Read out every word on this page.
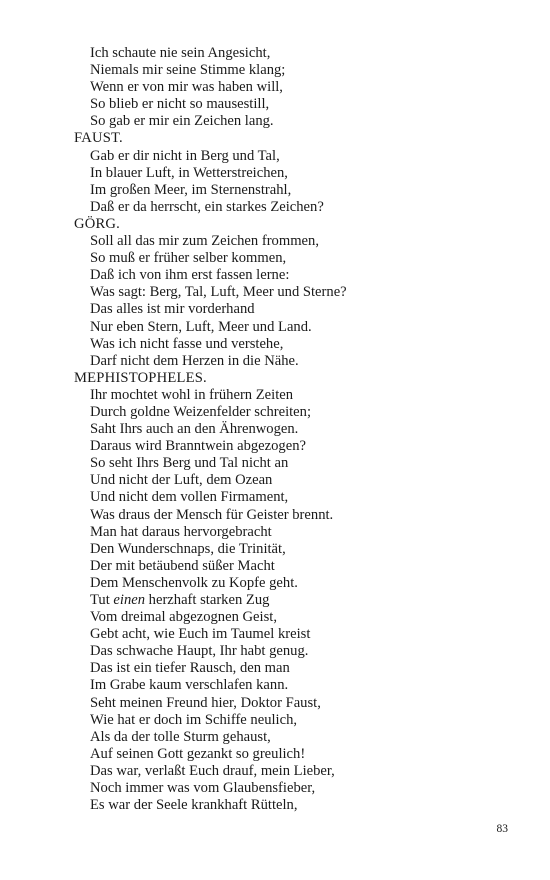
Ich schaute nie sein Angesicht,
Niemals mir seine Stimme klang;
Wenn er von mir was haben will,
So blieb er nicht so mausestill,
So gab er mir ein Zeichen lang.
FAUST.
Gab er dir nicht in Berg und Tal,
In blauer Luft, in Wetterstreichen,
Im großen Meer, im Sternenstrahl,
Daß er da herrscht, ein starkes Zeichen?
GÖRG.
Soll all das mir zum Zeichen frommen,
So muß er früher selber kommen,
Daß ich von ihm erst fassen lerne:
Was sagt: Berg, Tal, Luft, Meer und Sterne?
Das alles ist mir vorderhand
Nur eben Stern, Luft, Meer und Land.
Was ich nicht fasse und verstehe,
Darf nicht dem Herzen in die Nähe.
MEPHISTOPHELES.
Ihr mochtet wohl in frühern Zeiten
Durch goldne Weizenfelder schreiten;
Saht Ihrs auch an den Ährenwogen.
Daraus wird Branntwein abgezogen?
So seht Ihrs Berg und Tal nicht an
Und nicht der Luft, dem Ozean
Und nicht dem vollen Firmament,
Was draus der Mensch für Geister brennt.
Man hat daraus hervorgebracht
Den Wunderschnaps, die Trinität,
Der mit betäubend süßer Macht
Dem Menschenvolk zu Kopfe geht.
Tut einen herzhaft starken Zug
Vom dreimal abgezognen Geist,
Gebt acht, wie Euch im Taumel kreist
Das schwache Haupt, Ihr habt genug.
Das ist ein tiefer Rausch, den man
Im Grabe kaum verschlafen kann.
Seht meinen Freund hier, Doktor Faust,
Wie hat er doch im Schiffe neulich,
Als da der tolle Sturm gehaust,
Auf seinen Gott gezankt so greulich!
Das war, verlaßt Euch drauf, mein Lieber,
Noch immer was vom Glaubensfieber,
Es war der Seele krankhaft Rütteln,
83
